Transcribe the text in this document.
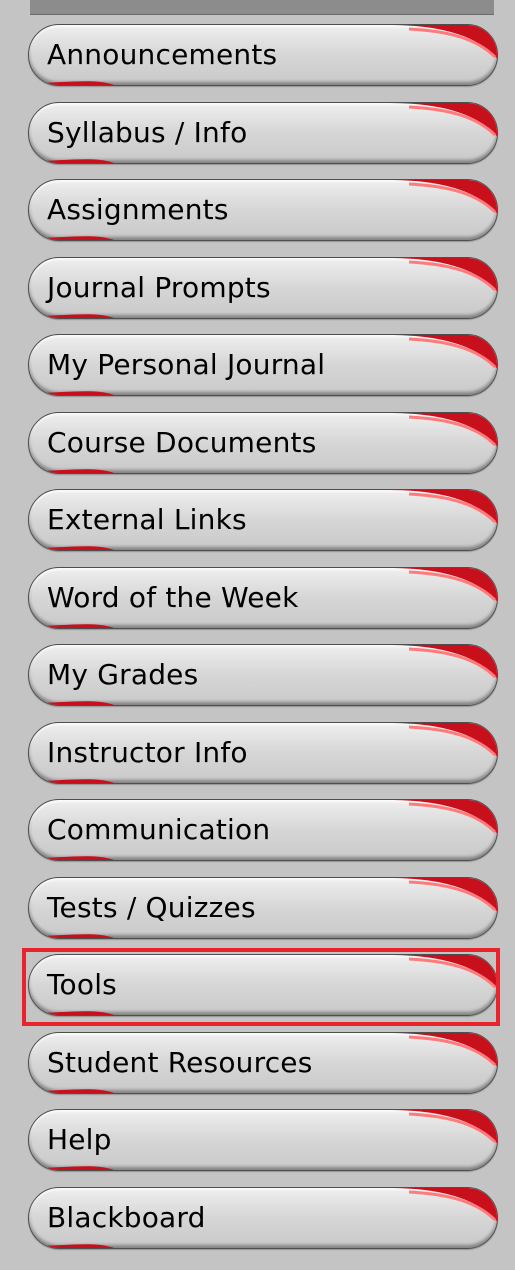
Announcements
Syllabus / Info
Assignments
Journal Prompts
My Personal Journal
Course Documents
External Links
Word of the Week
My Grades
Instructor Info
Communication
Tests / Quizzes
Tools
Student Resources
Help
Blackboard
